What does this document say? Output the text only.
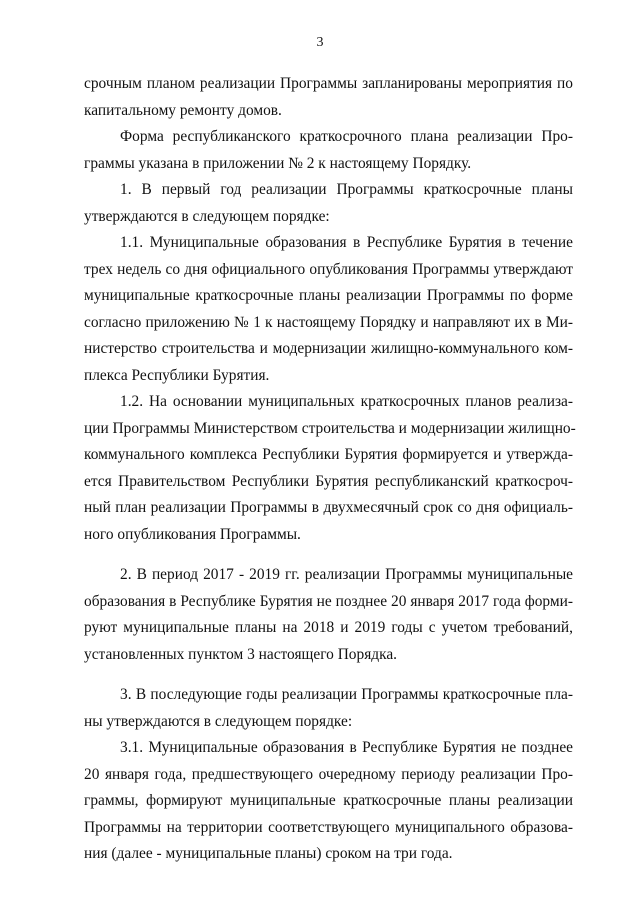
3
срочным планом реализации Программы запланированы мероприятия по
капитальному ремонту домов.
Форма республиканского краткосрочного плана реализации Про-
граммы указана в приложении № 2 к настоящему Порядку.
1. В первый год реализации Программы краткосрочные планы
утверждаются в следующем порядке:
1.1. Муниципальные образования в Республике Бурятия в течение
трех недель со дня официального опубликования Программы утверждают
муниципальные краткосрочные планы реализации Программы по форме
согласно приложению № 1 к настоящему Порядку и направляют их в Ми-
нистерство строительства и модернизации жилищно-коммунального ком-
плекса Республики Бурятия.
1.2. На основании муниципальных краткосрочных планов реализа-
ции Программы Министерством строительства и модернизации жилищно-
коммунального комплекса Республики Бурятия формируется и утвержда-
ется Правительством Республики Бурятия республиканский краткосроч-
ный план реализации Программы в двухмесячный срок со дня официаль-
ного опубликования Программы.
2. В период 2017 - 2019 гг. реализации Программы муниципальные
образования в Республике Бурятия не позднее 20 января 2017 года форми-
руют муниципальные планы на 2018 и 2019 годы с учетом требований,
установленных пунктом 3 настоящего Порядка.
3. В последующие годы реализации Программы краткосрочные пла-
ны утверждаются в следующем порядке:
3.1. Муниципальные образования в Республике Бурятия не позднее
20 января года, предшествующего очередному периоду реализации Про-
граммы, формируют муниципальные краткосрочные планы реализации
Программы на территории соответствующего муниципального образова-
ния (далее - муниципальные планы) сроком на три года.
